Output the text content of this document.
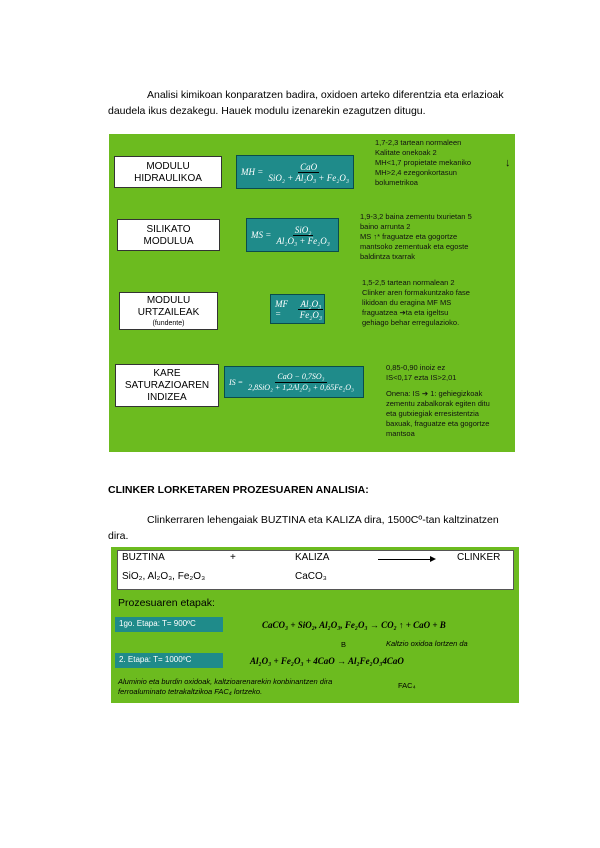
Analisi kimikoan konparatzen badira, oxidoen arteko diferentzia eta erlazioak
daudela ikus dezakegu. Hauek modulu izenarekin ezagutzen ditugu.
MODULU
HIDRAULIKOA
MH = $\frac{\text{CaO}}{\text{SiO₂ + Al₂O₃ + Fe₂O₃}}$
1,7-2,3 tartean normaleen
Kalitate onekoak 2
MH<1,7 propietate mekaniko
MH>2,4 ezegonkortasun
bolumetrikoa
↓
SILIKATO
MODULUA
MS = $\frac{\text{SiO₂}}{\text{Al₂O₃ + Fe₂O₃}}$
1,9-3,2 baina zementu txurietan 5
baino arrunta 2
MS ↑* fraguatze eta gogortze
mantsoko zementuak eta egoste
baldintza txarrak
MODULU
URTZAILEAK
(fundente)
MF =	$\frac{\text{Al₂O₃}}{\text{Fe₂O₃}}$
1,5-2,5 tartean normalean 2
Clinker aren formakuntzako fase
likidoan du eragina MF MS
fraguatzea ➔ta eta igeltsu
gehiago behar erregulazioko.
KARE
SATURAZIOAREN
INDIZEA
IS = $\frac{\text{CaO − 0,7SO₃}}{\text{2,8SiO₂ + 1,2Al₂O₃ + 0,65Fe₂O₃}}$
0,85-0,90 inoiz ez
IS<0,17 ezta IS>2,01
Onena: IS ➔ 1: gehiegizkoak
zementu zabalkorak egiten ditu
eta gutxiegiak erresistentzia
baxuak, fraguatze eta gogortze
mantsoa
CLINKER LORKETAREN PROZESUAREN ANALISIA:
Clinkerraren lehengaiak BUZTINA eta KALIZA dira, 1500Cº-tan kaltzinatzen
dira.
BUZTINA	+	KALIZA	CLINKER
SiO₂, Al₂O₃, Fe₂O₃	CaCO₃
Prozesuaren etapak:
1go. Etapa: T= 900ºC	CaCO₃ + SiO₂, Al₂O₃, Fe₂O₃ → CO₂ ↑ + CaO + B
B	Kaltzio oxidoa lortzen da
2. Etapa: T= 1000ºC	Al₂O₃ + Fe₂O₃ + 4CaO → Al₂Fe₂O₃4CaO
FAC₄
Aluminio eta burdin oxidoak, kaltzioarenarekin konbinantzen dira
ferroaluminato tetrakaltzikoa FAC₄ lortzeko.
